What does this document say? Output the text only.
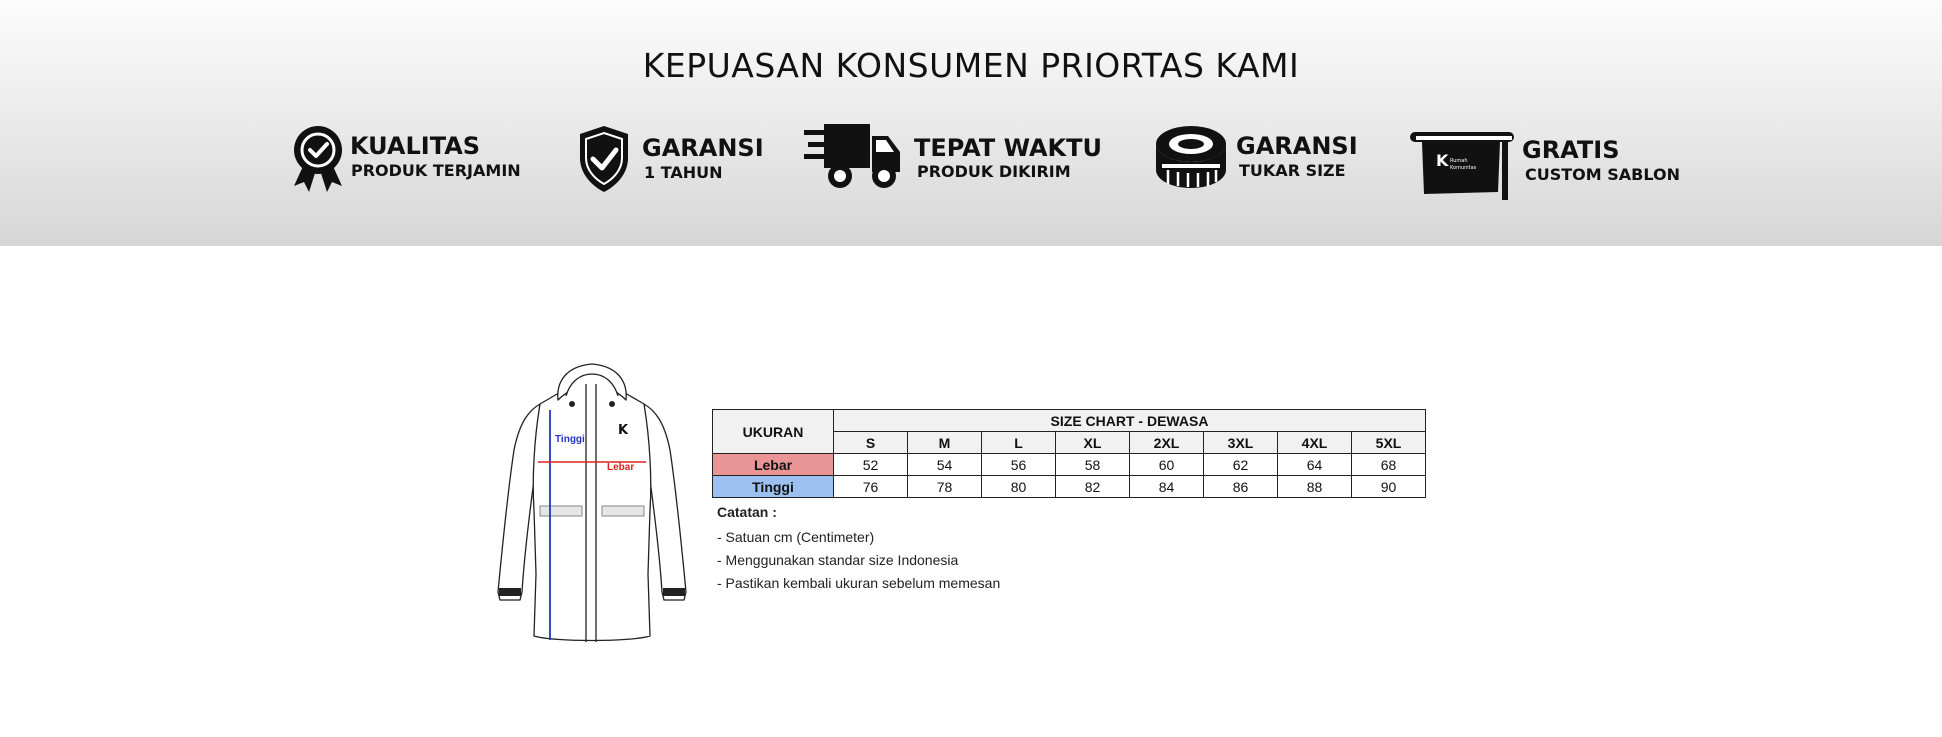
KEPUASAN KONSUMEN PRIORTAS KAMI
KUALITAS
PRODUK TERJAMIN
GARANSI
1 TAHUN
TEPAT WAKTU
PRODUK DIKIRIM
GARANSI
TUKAR SIZE
K Rumah
Komunitas
GRATIS
CUSTOM SABLON
K
Tinggi
Lebar
UKURAN	SIZE CHART - DEWASA							
	S	M	L	XL	2XL	3XL	4XL	5XL
Lebar	52	54	56	58	60	62	64	68
Tinggi	76	78	80	82	84	86	88	90
Catatan :
- Satuan cm (Centimeter)
- Menggunakan standar size Indonesia
- Pastikan kembali ukuran sebelum memesan
